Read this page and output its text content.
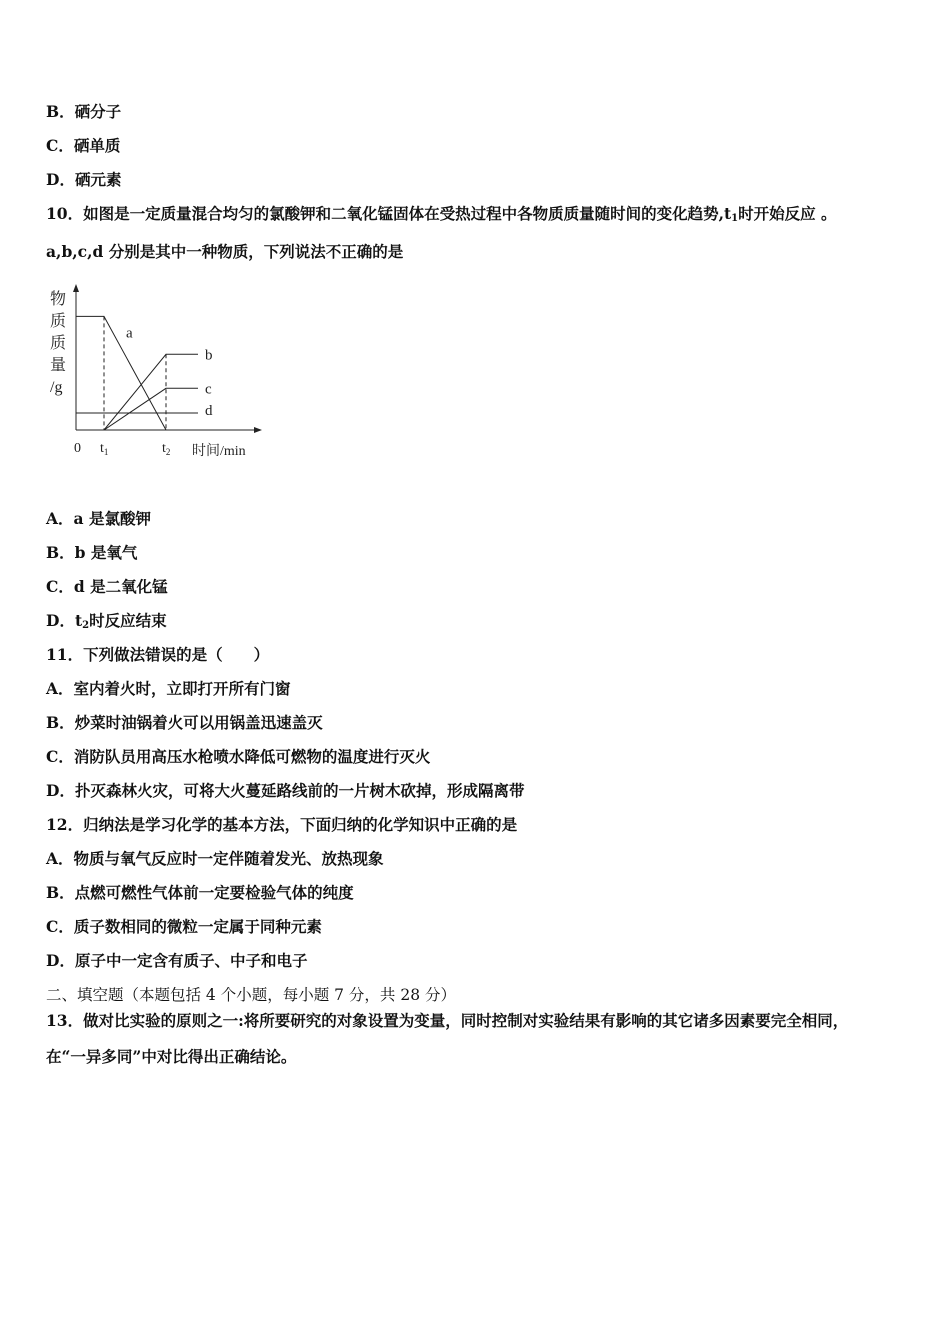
B．硒分子
C．硒单质
D．硒元素
10．如图是一定质量混合均匀的氯酸钾和二氧化锰固体在受热过程中各物质质量随时间的变化趋势$,t_1$时开始反应 。
a,b,c,d 分别是其中一种物质，下列说法不正确的是
物
质
质
量
/g
a
b
c
d
0 $t_1$	$t_2$ 时间/min
A．a 是氯酸钾
B．b 是氧气
C．d 是二氧化锰
D．$t_2$时反应结束
11．下列做法错误的是（　　）
A．室内着火时，立即打开所有门窗
B．炒菜时油锅着火可以用锅盖迅速盖灭
C．消防队员用高压水枪喷水降低可燃物的温度进行灭火
D．扑灭森林火灾，可将大火蔓延路线前的一片树木砍掉，形成隔离带
12．归纳法是学习化学的基本方法，下面归纳的化学知识中正确的是
A．物质与氧气反应时一定伴随着发光、放热现象
B．点燃可燃性气体前一定要检验气体的纯度
C．质子数相同的微粒一定属于同种元素
D．原子中一定含有质子、中子和电子
二、填空题（本题包括 4 个小题，每小题 7 分，共 28 分）
13．做对比实验的原则之一:将所要研究的对象设置为变量，同时控制对实验结果有影响的其它诸多因素要完全相同，
在“一异多同”中对比得出正确结论。
